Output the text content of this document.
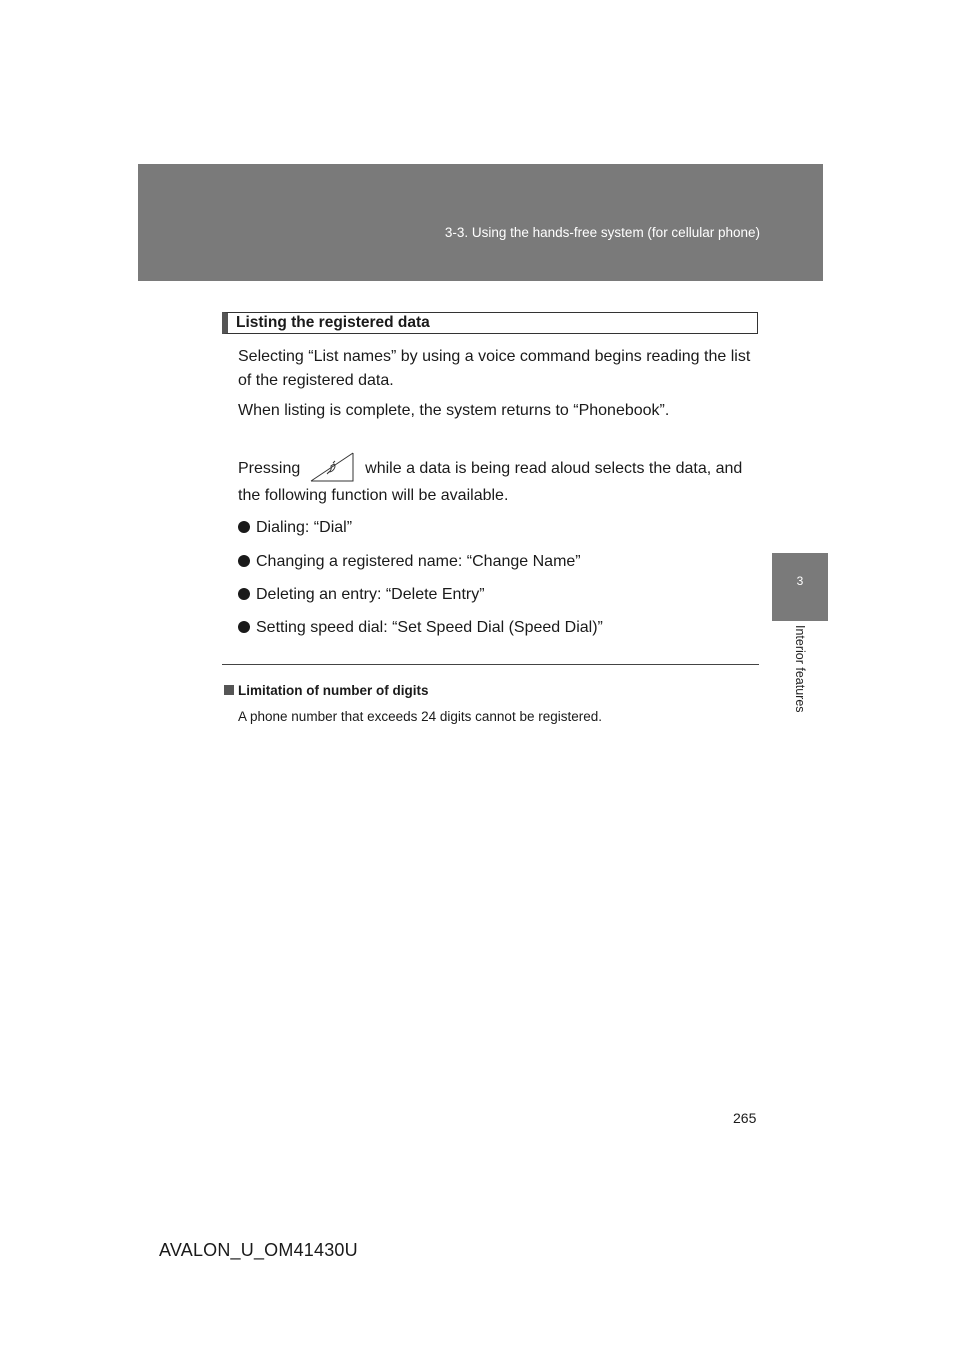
3-3. Using the hands-free system (for cellular phone)
3
Interior features
Listing the registered data
Selecting “List names” by using a voice command begins reading the list of the registered data.
When listing is complete, the system returns to “Phonebook”.
Pressing	while a data is being read aloud selects the data, and
the following function will be available.
Dialing: “Dial”
Changing a registered name: “Change Name”
Deleting an entry: “Delete Entry”
Setting speed dial: “Set Speed Dial (Speed Dial)”
Limitation of number of digits
A phone number that exceeds 24 digits cannot be registered.
265
AVALON_U_OM41430U
